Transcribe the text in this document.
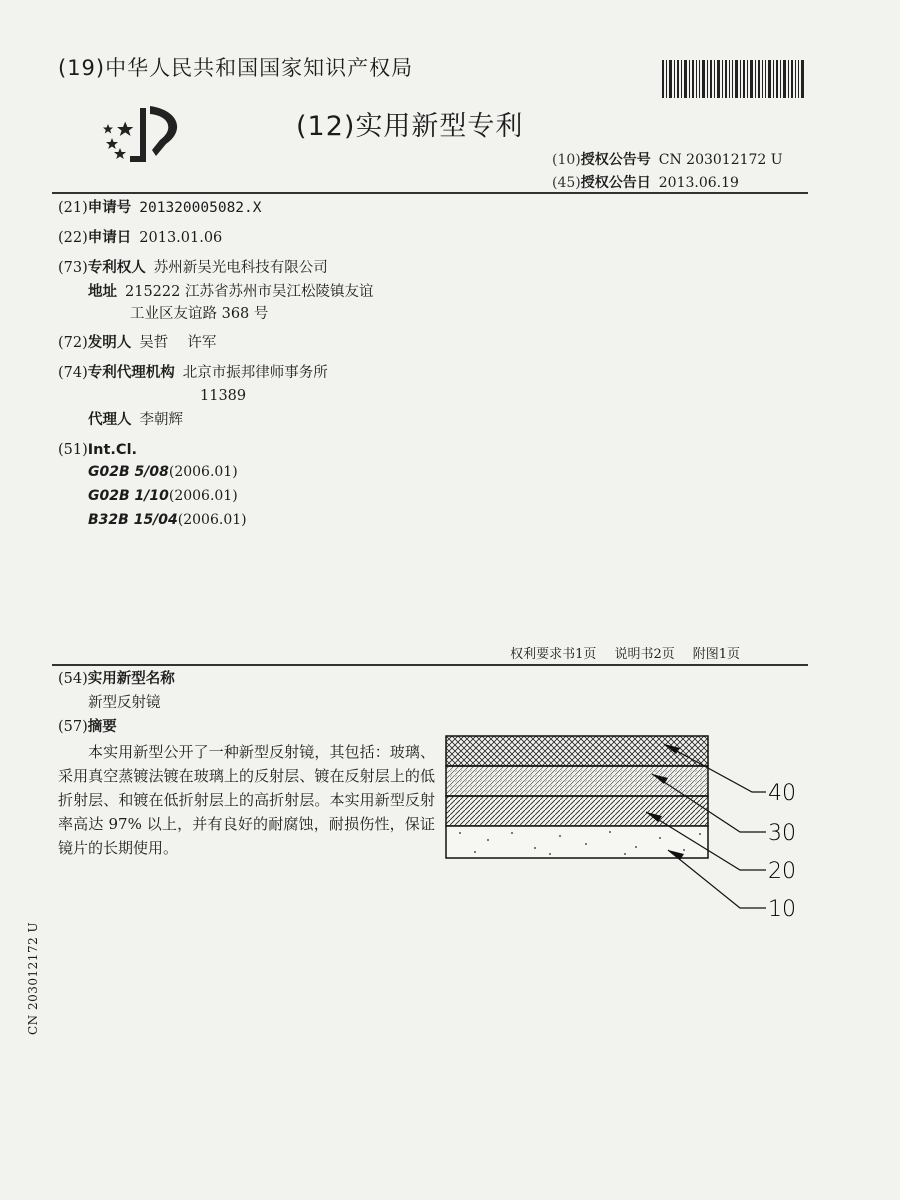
(19)中华人民共和国国家知识产权局
(12)实用新型专利
(10)授权公告号 CN 203012172 U
(45)授权公告日 2013.06.19
(21)申请号 201320005082.X
(22)申请日 2013.01.06
(73)专利权人 苏州新吴光电科技有限公司
地址 215222 江苏省苏州市吴江松陵镇友谊
工业区友谊路 368 号
(72)发明人 吴哲　 许军
(74)专利代理机构 北京市振邦律师事务所
11389
代理人 李朝辉
(51)Int.Cl.
G02B 5/08(2006.01)
G02B 1/10(2006.01)
B32B 15/04(2006.01)
权利要求书1页 说明书2页 附图1页
(54)实用新型名称
新型反射镜
(57)摘要

本实用新型公开了一种新型反射镜，其包括：玻璃、采用真空蒸镀法镀在玻璃上的反射层、镀在反射层上的低折射层、和镀在低折射层上的高折射层。本实用新型反射率高达 97% 以上，并有良好的耐腐蚀，耐损伤性，保证镜片的长期使用。

40
30
20
10
CN 203012172 U
